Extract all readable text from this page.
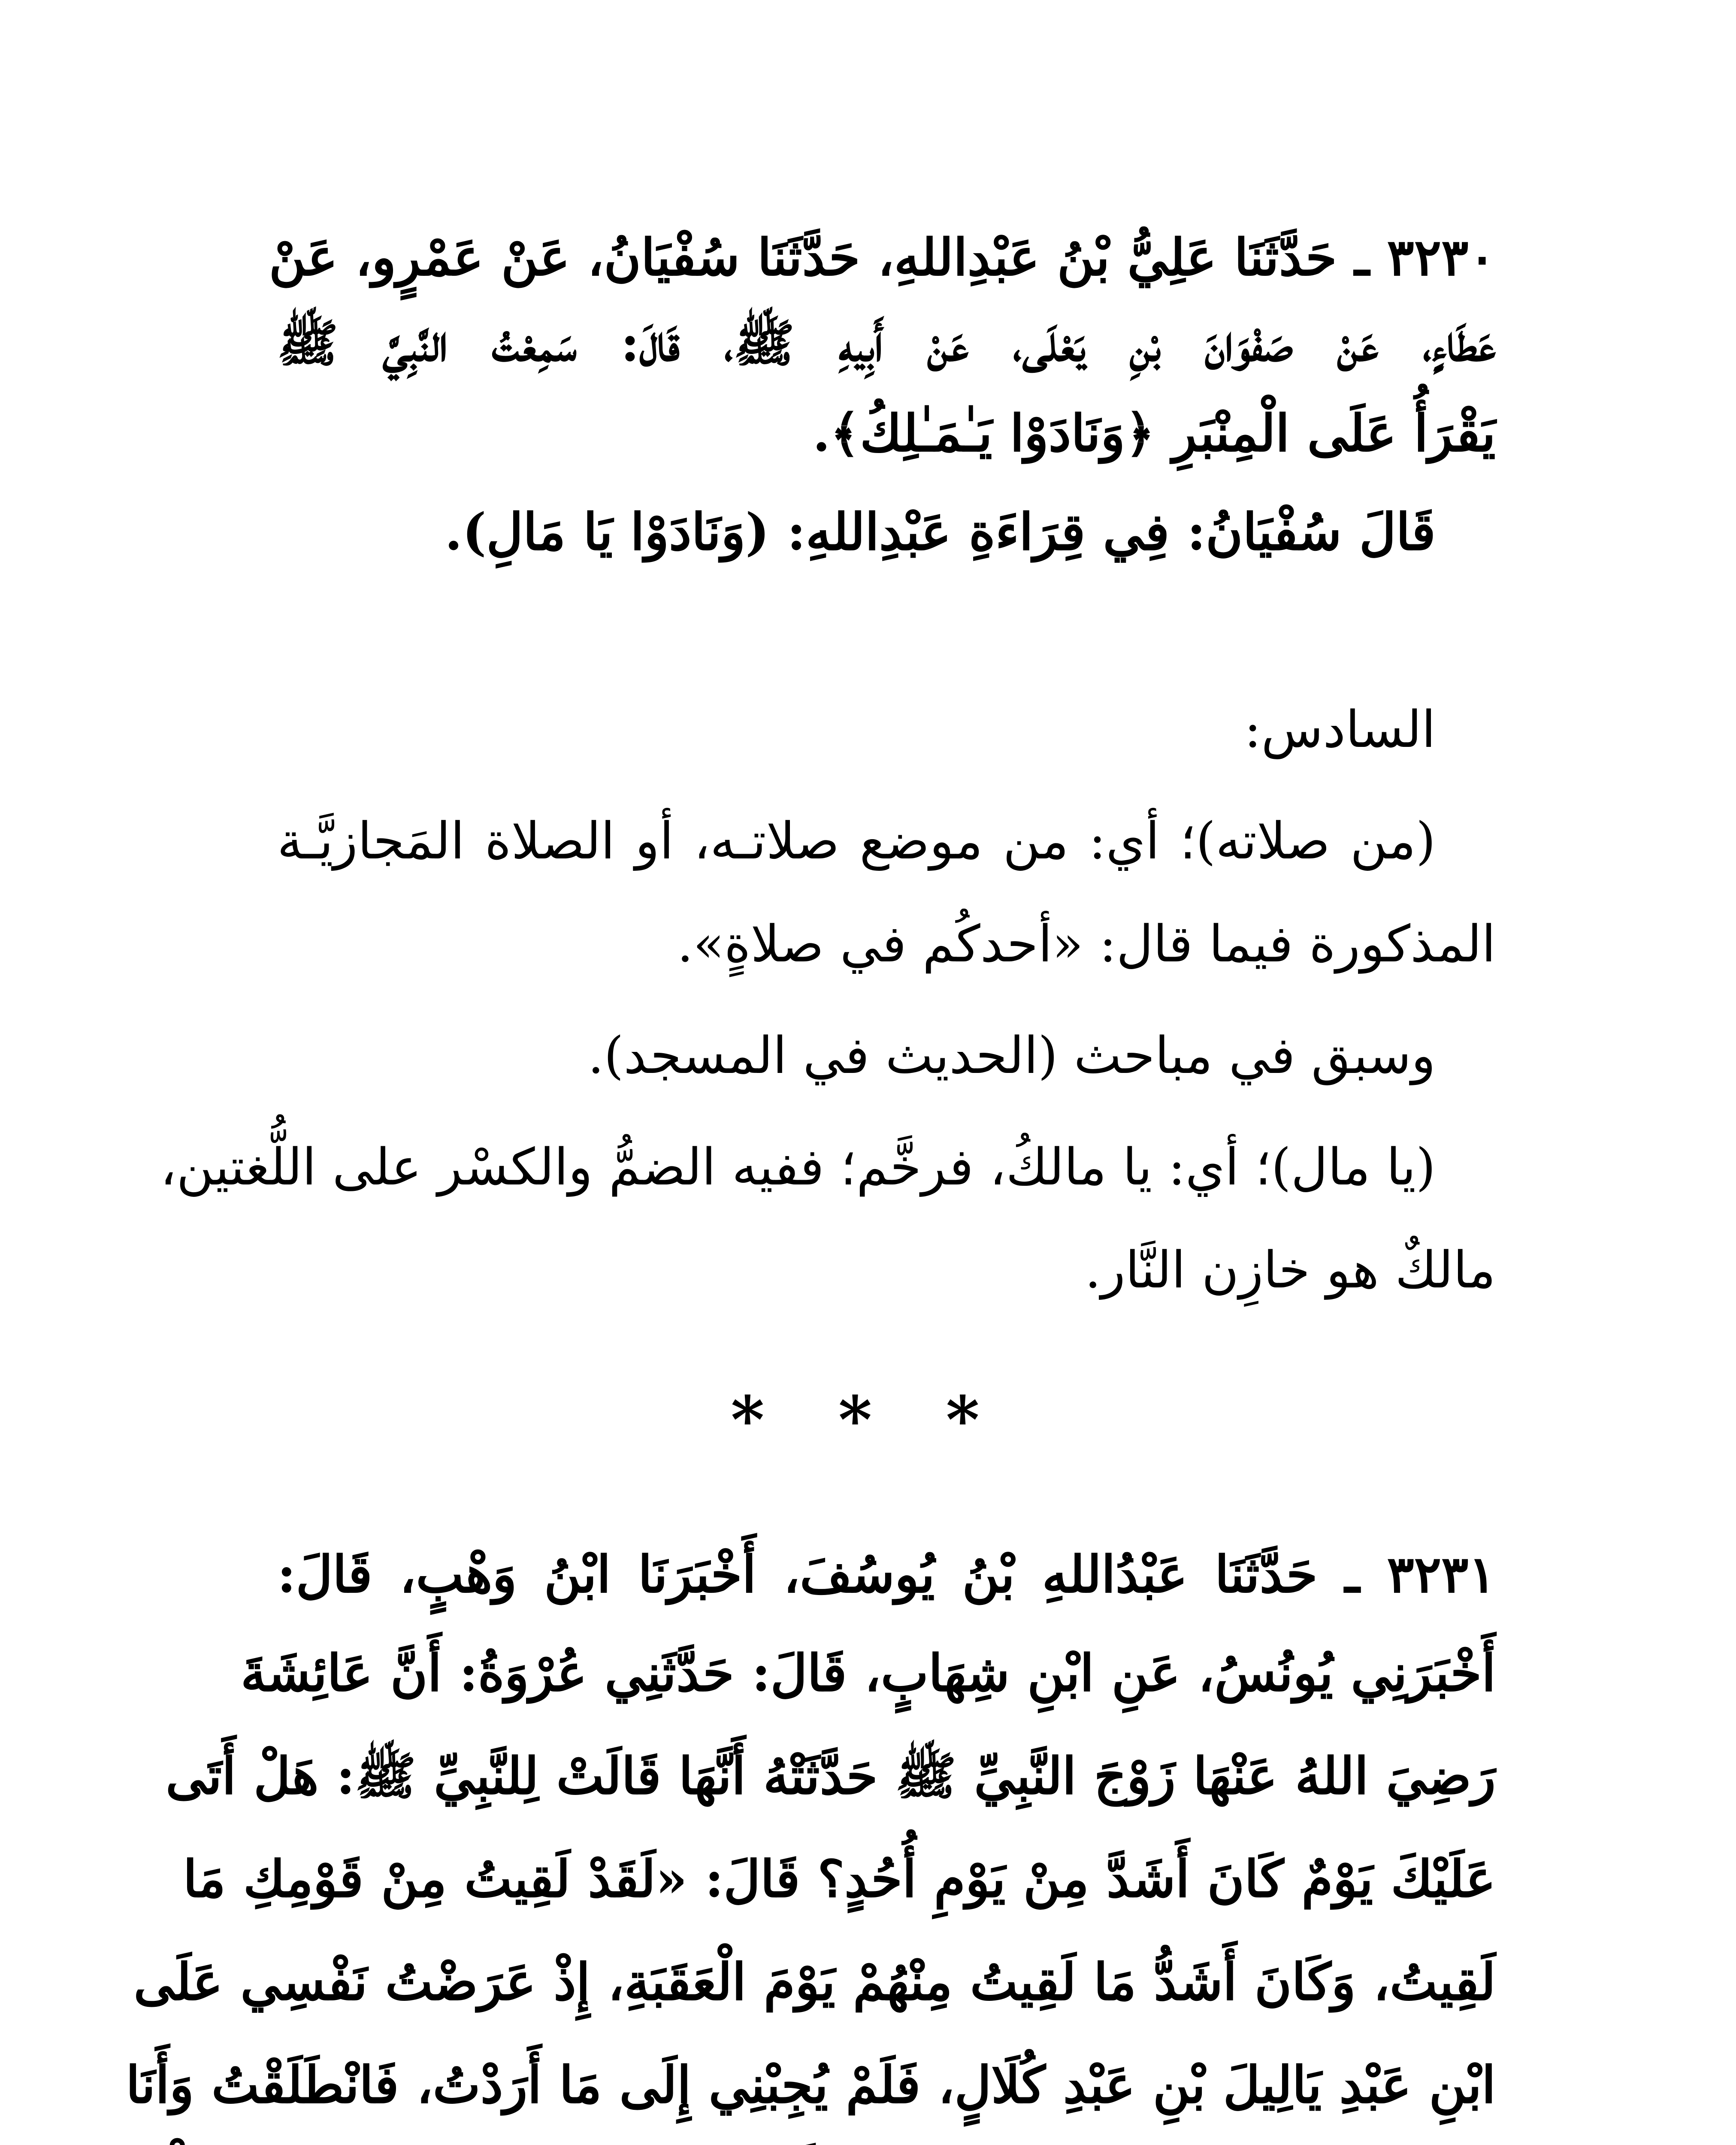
٣٢٣٠ ـ حَدَّثَنَا عَلِيُّ بْنُ عَبْدِاللهِ، حَدَّثَنَا سُفْيَانُ، عَنْ عَمْرٍو، عَنْ
عَطَاءٍ، عَنْ صَفْوَانَ بْنِ يَعْلَى، عَنْ أَبِيهِ ﷺ، قَالَ: سَمِعْتُ النَّبِيَّ ﷺ
يَقْرَأُ عَلَى الْمِنْبَرِ ﴿وَنَادَوْا يَـٰمَـٰلِكُ﴾.
قَالَ سُفْيَانُ: فِي قِرَاءَةِ عَبْدِاللهِ: (وَنَادَوْا يَا مَالِ).
السادس:
(من صلاته)؛ أي: من موضع صلاتـه، أو الصلاة المَجازيَّـة
المذكورة فيما قال: «أحدكُم في صلاةٍ».
وسبق في مباحث (الحديث في المسجد).
(يا مال)؛ أي: يا مالكُ، فرخَّم؛ ففيه الضمُّ والكسْر على اللُّغتين،
مالكٌ هو خازِن النَّار.
* * *
٣٢٣١ ـ حَدَّثَنَا عَبْدُاللهِ بْنُ يُوسُفَ، أَخْبَرَنَا ابْنُ وَهْبٍ، قَالَ:
أَخْبَرَنِي يُونُسُ، عَنِ ابْنِ شِهَابٍ، قَالَ: حَدَّثَنِي عُرْوَةُ: أَنَّ عَائِشَةَ
رَضِيَ اللهُ عَنْهَا زَوْجَ النَّبِيِّ ﷺ حَدَّثَتْهُ أَنَّهَا قَالَتْ لِلنَّبِيِّ ﷺ: هَلْ أَتَى
عَلَيْكَ يَوْمٌ كَانَ أَشَدَّ مِنْ يَوْمِ أُحُدٍ؟ قَالَ: «لَقَدْ لَقِيتُ مِنْ قَوْمِكِ مَا
لَقِيتُ، وَكَانَ أَشَدُّ مَا لَقِيتُ مِنْهُمْ يَوْمَ الْعَقَبَةِ، إِذْ عَرَضْتُ نَفْسِي عَلَى
ابْنِ عَبْدِ يَالِيلَ بْنِ عَبْدِ كُلَالٍ، فَلَمْ يُجِبْنِي إِلَى مَا أَرَدْتُ، فَانْطَلَقْتُ وَأَنَا
